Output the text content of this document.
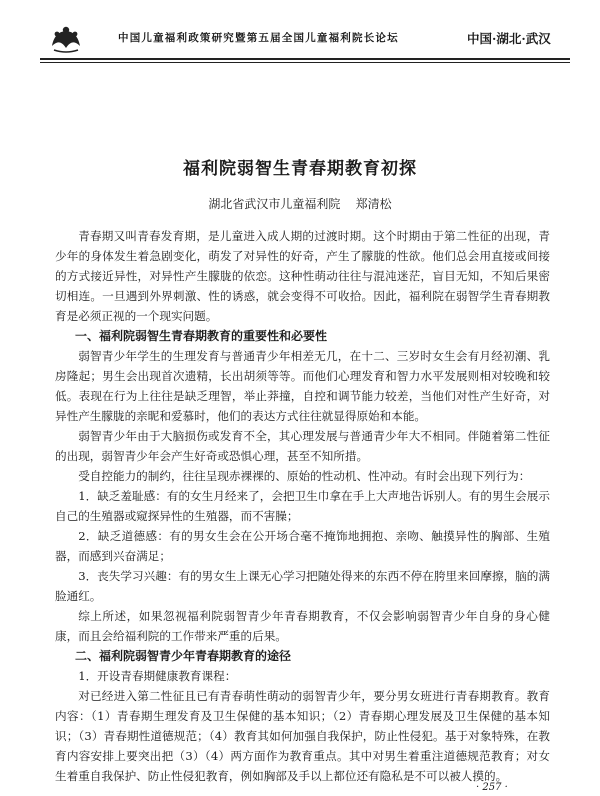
中国儿童福利政策研究暨第五届全国儿童福利院长论坛	中国·湖北·武汉
福利院弱智生青春期教育初探
湖北省武汉市儿童福利院    郑清松

青春期又叫青春发育期，是儿童进入成人期的过渡时期。这个时期由于第二性征的出现，青少年的身体发生着急剧变化，萌发了对异性的好奇，产生了朦胧的性欲。他们总会用直接或间接的方式接近异性，对异性产生朦胧的依恋。这种性萌动往往与混沌迷茫，盲目无知，不知后果密切相连。一旦遇到外界刺激、性的诱惑，就会变得不可收拾。因此，福利院在弱智学生青春期教育是必须正视的一个现实问题。

一、福利院弱智生青春期教育的重要性和必要性

弱智青少年学生的生理发育与普通青少年相差无几，在十二、三岁时女生会有月经初潮、乳房隆起；男生会出现首次遗精，长出胡须等等。而他们心理发育和智力水平发展则相对较晚和较低。表现在行为上往往是缺乏理智，举止莽撞，自控和调节能力较差，当他们对性产生好奇，对异性产生朦胧的亲昵和爱慕时，他们的表达方式往往就显得原始和本能。

弱智青少年由于大脑损伤或发育不全，其心理发展与普通青少年大不相同。伴随着第二性征的出现，弱智青少年会产生好奇或恐惧心理，甚至不知所措。

受自控能力的制约，往往呈现赤裸裸的、原始的性动机、性冲动。有时会出现下列行为：

1．缺乏羞耻感：有的女生月经来了，会把卫生巾拿在手上大声地告诉别人。有的男生会展示自己的生殖器或窥探异性的生殖器，而不害臊；

2．缺乏道德感：有的男女生会在公开场合毫不掩饰地拥抱、亲吻、触摸异性的胸部、生殖器，而感到兴奋满足；

3．丧失学习兴趣：有的男女生上课无心学习把随处得来的东西不停在胯里来回摩擦，脑的满脸通红。

综上所述，如果忽视福利院弱智青少年青春期教育，不仅会影响弱智青少年自身的身心健康，而且会给福利院的工作带来严重的后果。

二、福利院弱智青少年青春期教育的途径

1．开设青春期健康教育课程：

对已经进入第二性征且已有青春萌性萌动的弱智青少年，要分男女班进行青春期教育。教育内容：（1）青春期生理发育及卫生保健的基本知识；（2）青春期心理发展及卫生保健的基本知识；（3）青春期性道德规范；（4）教育其如何加强自我保护，防止性侵犯。基于对象特殊，在教育内容安排上要突出把（3）（4）两方面作为教育重点。其中对男生着重注道德规范教育；对女生着重自我保护、防止性侵犯教育，例如胸部及手以上都位还有隐私是不可以被人摸的。

· 257 ·
